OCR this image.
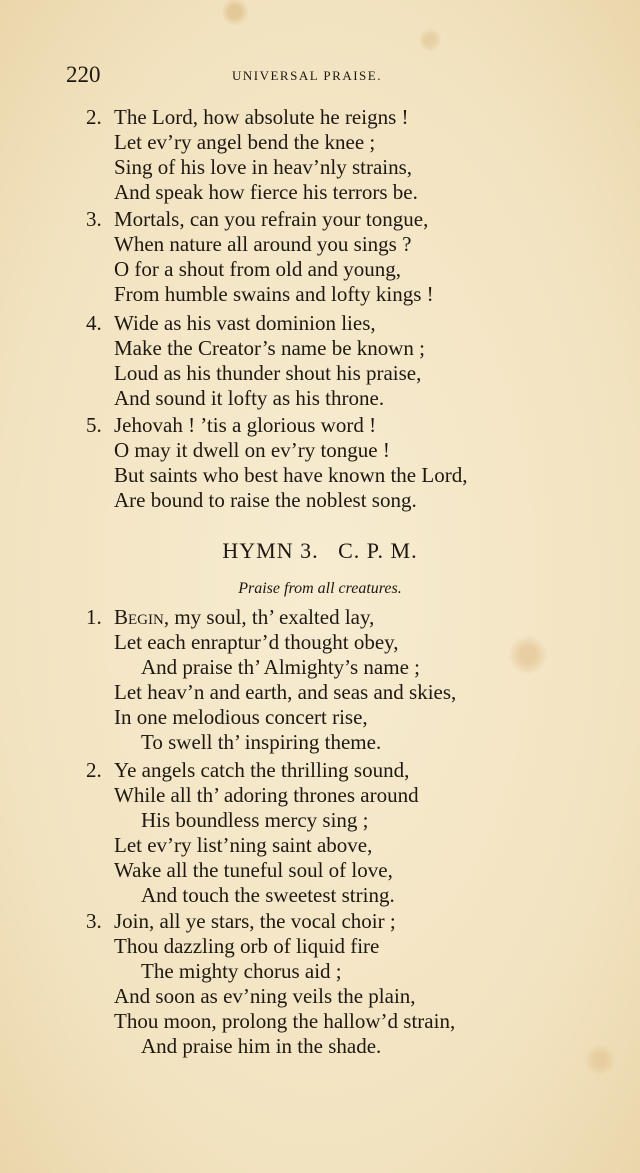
220	UNIVERSAL PRAISE.
2. The Lord, how absolute he reigns !
Let ev’ry angel bend the knee ;
Sing of his love in heav’nly strains,
And speak how fierce his terrors be.
3. Mortals, can you refrain your tongue,
When nature all around you sings ?
O for a shout from old and young,
From humble swains and lofty kings !
4. Wide as his vast dominion lies,
Make the Creator’s name be known ;
Loud as his thunder shout his praise,
And sound it lofty as his throne.
5. Jehovah ! ’tis a glorious word !
O may it dwell on ev’ry tongue !
But saints who best have known the Lord,
Are bound to raise the noblest song.
HYMN 3.   C. P. M.
Praise from all creatures.
1. Begin, my soul, th’ exalted lay,
Let each enraptur’d thought obey,
And praise th’ Almighty’s name ;
Let heav’n and earth, and seas and skies,
In one melodious concert rise,
To swell th’ inspiring theme.
2. Ye angels catch the thrilling sound,
While all th’ adoring thrones around
His boundless mercy sing ;
Let ev’ry list’ning saint above,
Wake all the tuneful soul of love,
And touch the sweetest string.
3. Join, all ye stars, the vocal choir ;
Thou dazzling orb of liquid fire
The mighty chorus aid ;
And soon as ev’ning veils the plain,
Thou moon, prolong the hallow’d strain,
And praise him in the shade.
